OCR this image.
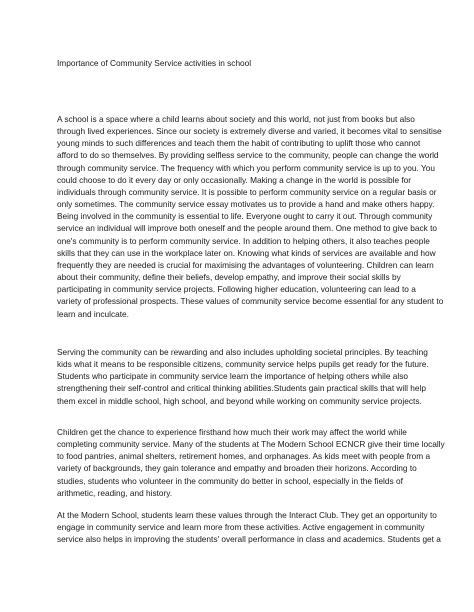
Importance of Community Service activities in school

A school is a space where a child learns about society and this world, not just from books but also
through lived experiences. Since our society is extremely diverse and varied, it becomes vital to sensitise
young minds to such differences and teach them the habit of contributing to uplift those who cannot
afford to do so themselves. By providing selfless service to the community, people can change the world
through community service. The frequency with which you perform community service is up to you. You
could choose to do it every day or only occasionally. Making a change in the world is possible for
individuals through community service. It is possible to perform community service on a regular basis or
only sometimes. The community service essay motivates us to provide a hand and make others happy.
Being involved in the community is essential to life. Everyone ought to carry it out. Through community
service an individual will improve both oneself and the people around them. One method to give back to
one's community is to perform community service. In addition to helping others, it also teaches people
skills that they can use in the workplace later on. Knowing what kinds of services are available and how
frequently they are needed is crucial for maximising the advantages of volunteering. Children can learn
about their community, define their beliefs, develop empathy, and improve their social skills by
participating in community service projects. Following higher education, volunteering can lead to a
variety of professional prospects. These values of community service become essential for any student to
learn and inculcate.

Serving the community can be rewarding and also includes upholding societal principles. By teaching
kids what it means to be responsible citizens, community service helps pupils get ready for the future.
Students who participate in community service learn the importance of helping others while also
strengthening their self-control and critical thinking abilities.Students gain practical skills that will help
them excel in middle school, high school, and beyond while working on community service projects.

Children get the chance to experience firsthand how much their work may affect the world while
completing community service. Many of the students at The Modern School ECNCR give their time locally
to food pantries, animal shelters, retirement homes, and orphanages. As kids meet with people from a
variety of backgrounds, they gain tolerance and empathy and broaden their horizons. According to
studies, students who volunteer in the community do better in school, especially in the fields of
arithmetic, reading, and history.

At the Modern School, students learn these values through the Interact Club. They get an opportunity to
engage in community service and learn more from these activities. Active engagement in community
service also helps in improving the students' overall performance in class and academics. Students get a
